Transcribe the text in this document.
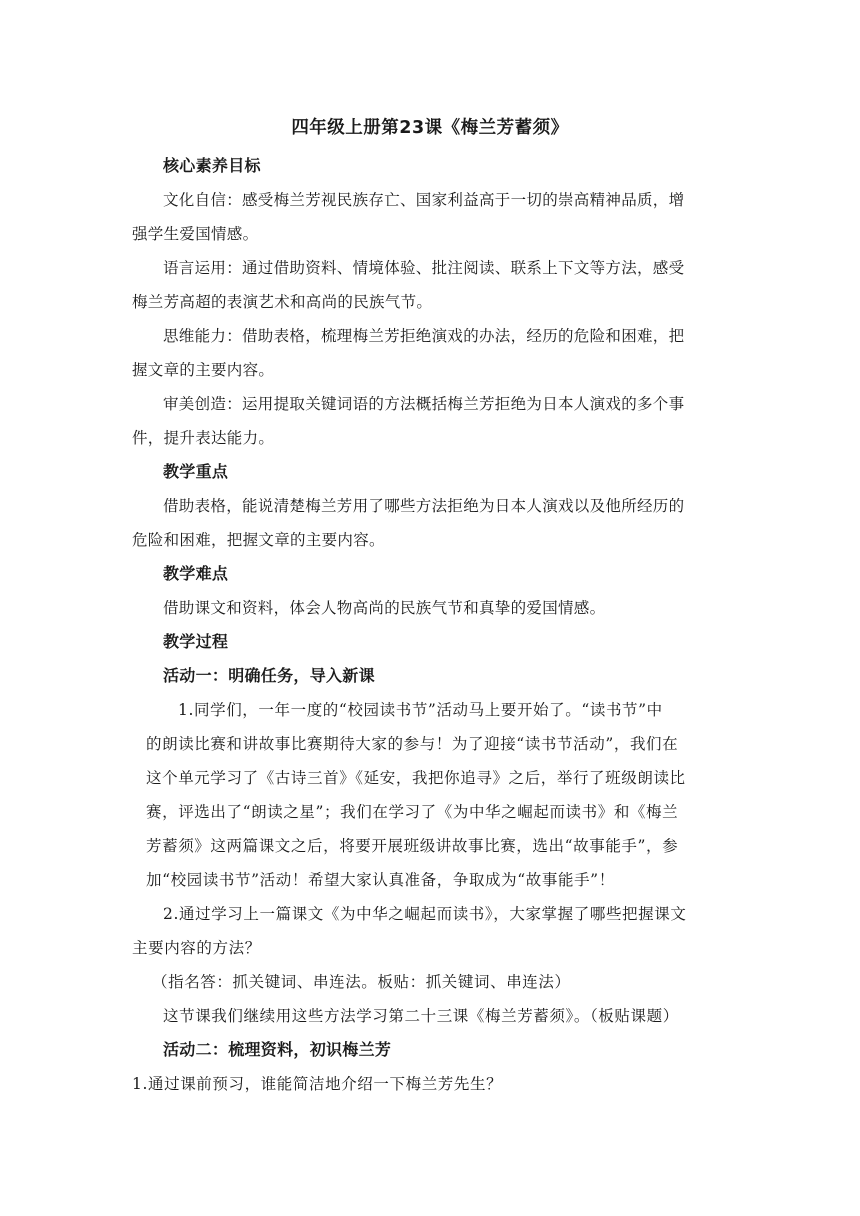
四年级上册第23课《梅兰芳蓄须》
核心素养目标
文化自信：感受梅兰芳视民族存亡、国家利益高于一切的崇高精神品质，增
强学生爱国情感。
语言运用：通过借助资料、情境体验、批注阅读、联系上下文等方法，感受
梅兰芳高超的表演艺术和高尚的民族气节。
思维能力：借助表格，梳理梅兰芳拒绝演戏的办法，经历的危险和困难，把
握文章的主要内容。
审美创造：运用提取关键词语的方法概括梅兰芳拒绝为日本人演戏的多个事
件，提升表达能力。
教学重点
借助表格，能说清楚梅兰芳用了哪些方法拒绝为日本人演戏以及他所经历的
危险和困难，把握文章的主要内容。
教学难点
借助课文和资料，体会人物高尚的民族气节和真挚的爱国情感。
教学过程
活动一：明确任务，导入新课
1.同学们，一年一度的“校园读书节”活动马上要开始了。“读书节”中
的朗读比赛和讲故事比赛期待大家的参与！为了迎接“读书节活动”，我们在
这个单元学习了《古诗三首》《延安，我把你追寻》之后，举行了班级朗读比
赛，评选出了“朗读之星”；我们在学习了《为中华之崛起而读书》和《梅兰
芳蓄须》这两篇课文之后，将要开展班级讲故事比赛，选出“故事能手”，参
加“校园读书节”活动！希望大家认真准备，争取成为“故事能手”！
2.通过学习上一篇课文《为中华之崛起而读书》，大家掌握了哪些把握课文
主要内容的方法？
（指名答：抓关键词、串连法。板贴：抓关键词、串连法）
这节课我们继续用这些方法学习第二十三课《梅兰芳蓄须》。（板贴课题）
活动二：梳理资料，初识梅兰芳
1.通过课前预习，谁能简洁地介绍一下梅兰芳先生？
